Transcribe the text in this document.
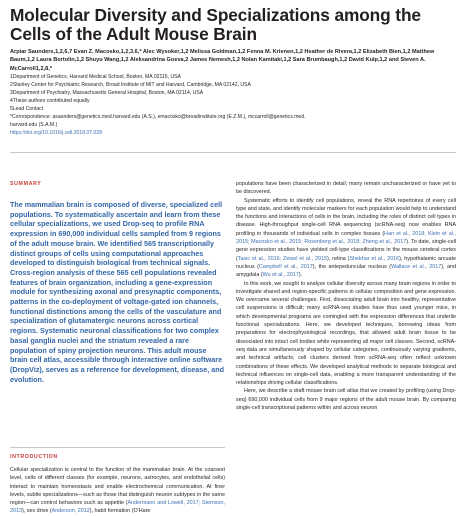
Molecular Diversity and Specializations among the Cells of the Adult Mouse Brain
Arpiar Saunders,1,2,6,7 Evan Z. Macosko,1,2,3,6,* Alec Wysoker,1,2 Melissa Goldman,1,2 Fenna M. Krienen,1,2 Heather de Rivera,1,2 Elizabeth Bien,1,2 Matthew Baum,1,2 Laura Bortolin,1,2 Shuyu Wang,1,2 Aleksandrina Goeva,2 James Nemesh,1,2 Nolan Kamitaki,1,2 Sara Brumbaugh,1,2 David Kulp,1,2 and Steven A. McCarroll1,2,8,*
1Department of Genetics, Harvard Medical School, Boston, MA 02115, USA
2Stanley Center for Psychiatric Research, Broad Institute of MIT and Harvard, Cambridge, MA 02142, USA
3Department of Psychiatry, Massachusetts General Hospital, Boston, MA 02114, USA
4These authors contributed equally
5Lead Contact
*Correspondence: asaunders@genetics.med.harvard.edu (A.S.), emacosko@broadinstitute.org (E.Z.M.), mccarroll@genetics.med.
harvard.edu (S.A.M.)
https://doi.org/10.1016/j.cell.2018.07.028
SUMMARY
The mammalian brain is composed of diverse, specialized cell populations. To systematically ascertain and learn from these cellular specializations, we used Drop-seq to profile RNA expression in 690,000 individual cells sampled from 9 regions of the adult mouse brain. We identified 565 transcriptionally distinct groups of cells using computational approaches developed to distinguish biological from technical signals. Cross-region analysis of these 565 cell populations revealed features of brain organization, including a gene-expression module for synthesizing axonal and presynaptic components, patterns in the co-deployment of voltage-gated ion channels, functional distinctions among the cells of the vasculature and specialization of glutamatergic neurons across cortical regions. Systematic neuronal classifications for two complex basal ganglia nuclei and the striatum revealed a rare population of spiny projection neurons. This adult mouse brain cell atlas, accessible through interactive online software (DropViz), serves as a reference for development, disease, and evolution.
INTRODUCTION

Cellular specialization is central to the function of the mammalian brain. At the coarsest level, cells of different classes (for example, neurons, astrocytes, and endothelial cells) interact to maintain homeostasis and enable electrochemical communication. At finer levels, subtle specializations—such as those that distinguish neuron subtypes in the same region—can control behaviors such as appetite (Andermann and Lowell, 2017; Sternson, 2013), sex drive (Anderson, 2012), habit formation (O'Hare

populations have been characterized in detail; many remain uncharacterized or have yet to be discovered.

Systematic efforts to identify cell populations, reveal the RNA repertoires of every cell type and state, and identify molecular markers for each population would help to understand the functions and interactions of cells in the brain, including the roles of distinct cell types in disease. High-throughput single-cell RNA sequencing (scRNA-seq) now enables RNA profiling in thousands of individual cells in complex tissues (Han et al., 2018; Klein et al., 2015; Macosko et al., 2015; Rosenberg et al., 2018; Zheng et al., 2017). To date, single-cell gene expression studies have yielded cell-type classifications in the mouse cerebral cortex (Tasic et al., 2016; Zeisel et al., 2015), retina (Shekhar et al., 2016), hypothalamic arcuate nucleus (Campbell et al., 2017), the antepeduncular nucleus (Wallace et al., 2017), and amygdala (Wu et al., 2017).

In this work, we sought to analyze cellular diversity across many brain regions in order to investigate shared and region-specific patterns in cellular composition and gene expression. We overcame several challenges. First, dissociating adult brain into healthy, representative cell suspensions is difficult; many scRNA-seq studies have thus used younger mice, in which developmental programs are comingled with the expression differences that underlie functional specializations. Here, we developed techniques, borrowing ideas from preparations for electrophysiological recordings, that allowed adult brain tissue to be dissociated into intact cell bodies while representing all major cell classes. Second, scRNA-seq data are simultaneously shaped by cellular categories, continuously varying gradients, and technical artifacts; cell clusters derived from scRNA-seq often reflect unknown combinations of these effects. We developed analytical methods to separate biological and technical influences on single-cell data, enabling a more transparent understanding of the relationships driving cellular classifications.

Here, we describe a draft mouse brain cell atlas that we created by profiling (using Drop-seq) 690,000 individual cells from 9 major regions of the adult mouse brain. By comparing single-cell transcriptional patterns within and across neuron
